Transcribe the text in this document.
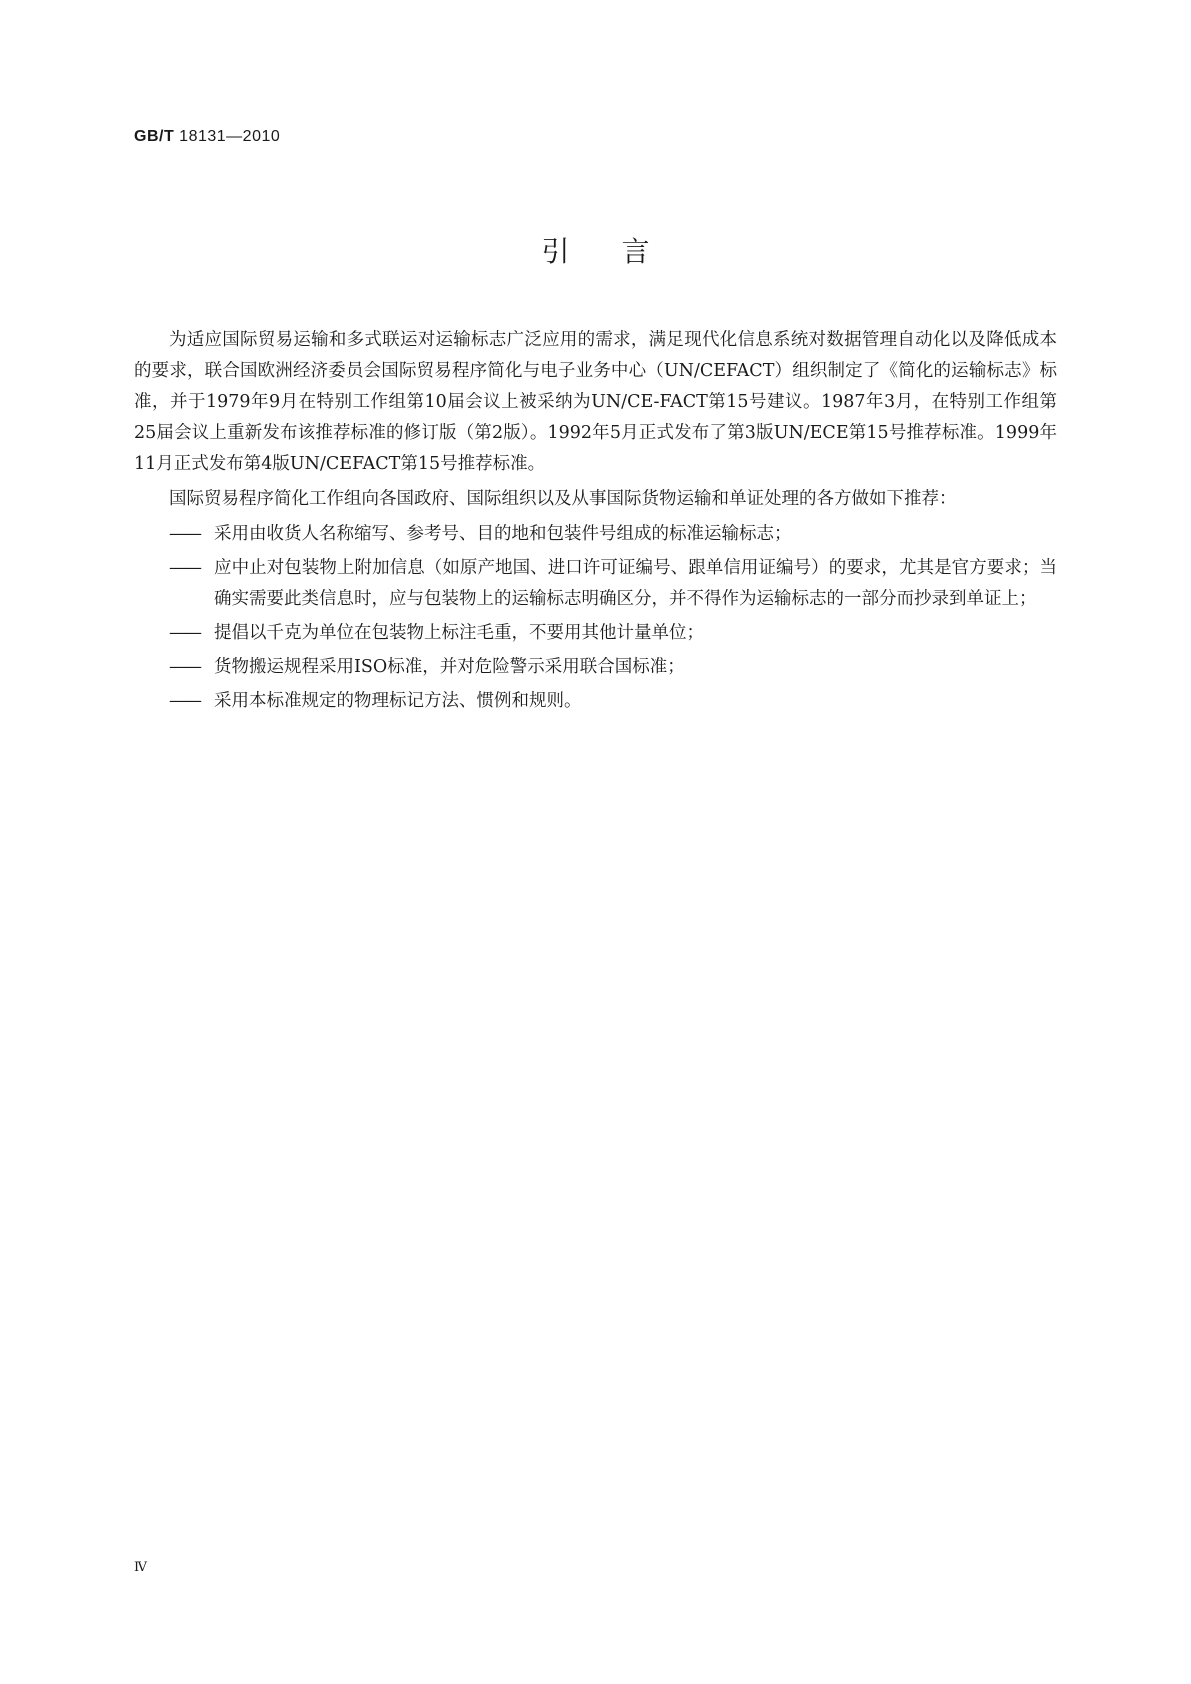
GB/T 18131—2010
引言

为适应国际贸易运输和多式联运对运输标志广泛应用的需求，满足现代化信息系统对数据管理自动化以及降低成本的要求，联合国欧洲经济委员会国际贸易程序简化与电子业务中心（UN/CEFACT）组织制定了《简化的运输标志》标准，并于1979年9月在特别工作组第10届会议上被采纳为UN/CE-FACT第15号建议。1987年3月，在特别工作组第25届会议上重新发布该推荐标准的修订版（第2版）。1992年5月正式发布了第3版UN/ECE第15号推荐标准。1999年11月正式发布第4版UN/CEFACT第15号推荐标准。

国际贸易程序简化工作组向各国政府、国际组织以及从事国际货物运输和单证处理的各方做如下推荐：

—— 采用由收货人名称缩写、参考号、目的地和包装件号组成的标准运输标志；
—— 应中止对包装物上附加信息（如原产地国、进口许可证编号、跟单信用证编号）的要求，尤其是官方要求；当确实需要此类信息时，应与包装物上的运输标志明确区分，并不得作为运输标志的一部分而抄录到单证上；
—— 提倡以千克为单位在包装物上标注毛重，不要用其他计量单位；
—— 货物搬运规程采用ISO标准，并对危险警示采用联合国标准；
—— 采用本标准规定的物理标记方法、惯例和规则。
Ⅳ
